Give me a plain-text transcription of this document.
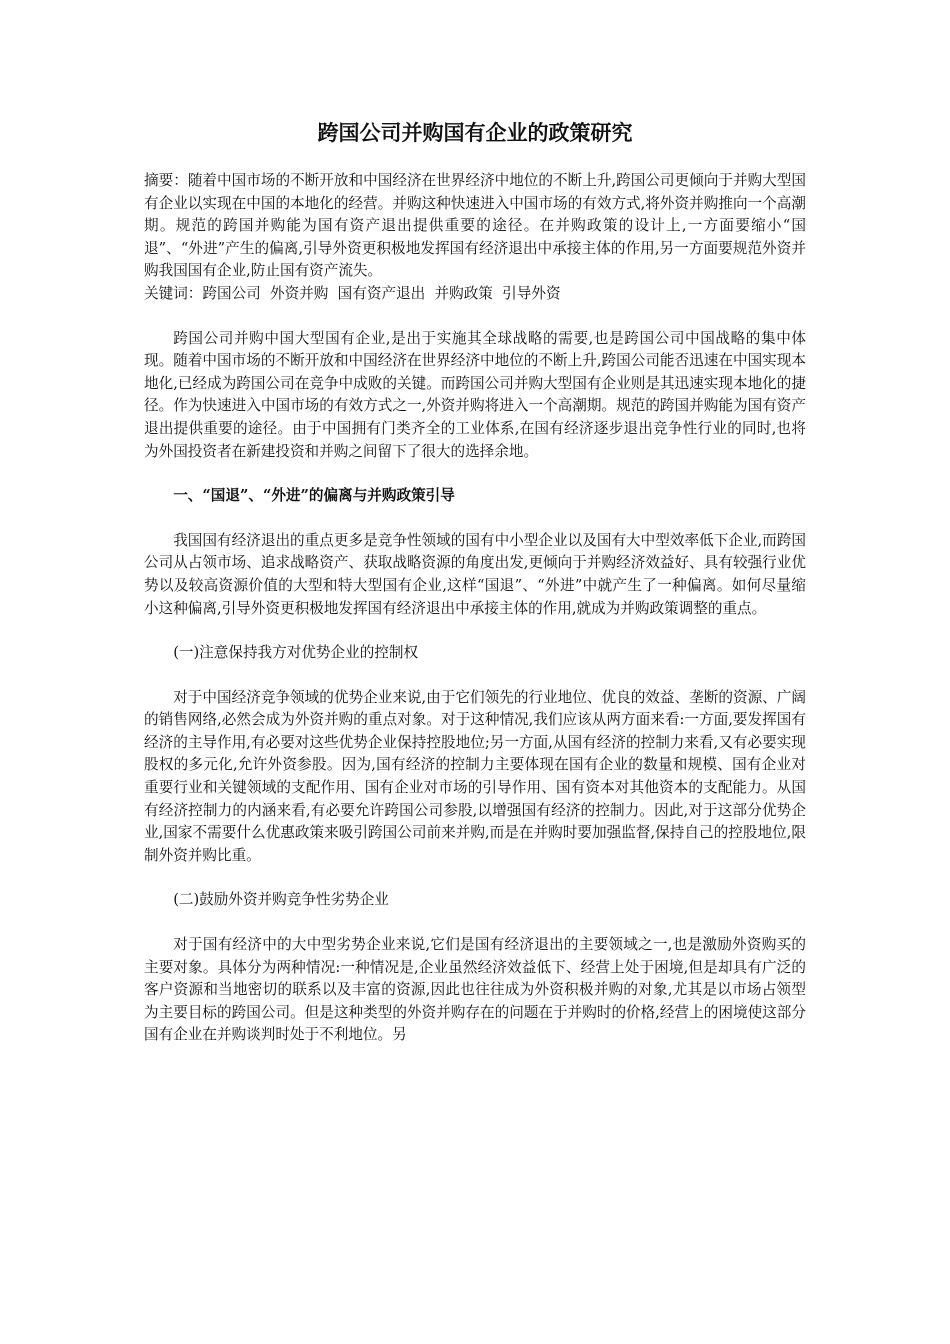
跨国公司并购国有企业的政策研究

摘要：随着中国市场的不断开放和中国经济在世界经济中地位的不断上升,跨国公司更倾向于并购大型国有企业以实现在中国的本地化的经营。并购这种快速进入中国市场的有效方式,将外资并购推向一个高潮期。规范的跨国并购能为国有资产退出提供重要的途径。在并购政策的设计上,一方面要缩小“国退”、“外进”产生的偏离,引导外资更积极地发挥国有经济退出中承接主体的作用,另一方面要规范外资并购我国国有企业,防止国有资产流失。

关键词：跨国公司  外资并购  国有资产退出  并购政策  引导外资

跨国公司并购中国大型国有企业,是出于实施其全球战略的需要,也是跨国公司中国战略的集中体现。随着中国市场的不断开放和中国经济在世界经济中地位的不断上升,跨国公司能否迅速在中国实现本地化,已经成为跨国公司在竞争中成败的关键。而跨国公司并购大型国有企业则是其迅速实现本地化的捷径。作为快速进入中国市场的有效方式之一,外资并购将进入一个高潮期。规范的跨国并购能为国有资产退出提供重要的途径。由于中国拥有门类齐全的工业体系,在国有经济逐步退出竞争性行业的同时,也将为外国投资者在新建投资和并购之间留下了很大的选择余地。

一、“国退”、“外进”的偏离与并购政策引导

我国国有经济退出的重点更多是竞争性领域的国有中小型企业以及国有大中型效率低下企业,而跨国公司从占领市场、追求战略资产、获取战略资源的角度出发,更倾向于并购经济效益好、具有较强行业优势以及较高资源价值的大型和特大型国有企业,这样“国退”、“外进”中就产生了一种偏离。如何尽量缩小这种偏离,引导外资更积极地发挥国有经济退出中承接主体的作用,就成为并购政策调整的重点。

(一)注意保持我方对优势企业的控制权

对于中国经济竞争领域的优势企业来说,由于它们领先的行业地位、优良的效益、垄断的资源、广阔的销售网络,必然会成为外资并购的重点对象。对于这种情况,我们应该从两方面来看:一方面,要发挥国有经济的主导作用,有必要对这些优势企业保持控股地位;另一方面,从国有经济的控制力来看,又有必要实现股权的多元化,允许外资参股。因为,国有经济的控制力主要体现在国有企业的数量和规模、国有企业对重要行业和关键领域的支配作用、国有企业对市场的引导作用、国有资本对其他资本的支配能力。从国有经济控制力的内涵来看,有必要允许跨国公司参股,以增强国有经济的控制力。因此,对于这部分优势企业,国家不需要什么优惠政策来吸引跨国公司前来并购,而是在并购时要加强监督,保持自己的控股地位,限制外资并购比重。

(二)鼓励外资并购竞争性劣势企业

对于国有经济中的大中型劣势企业来说,它们是国有经济退出的主要领域之一,也是激励外资购买的主要对象。具体分为两种情况:一种情况是,企业虽然经济效益低下、经营上处于困境,但是却具有广泛的客户资源和当地密切的联系以及丰富的资源,因此也往往成为外资积极并购的对象,尤其是以市场占领型为主要目标的跨国公司。但是这种类型的外资并购存在的问题在于并购时的价格,经营上的困境使这部分国有企业在并购谈判时处于不利地位。另
